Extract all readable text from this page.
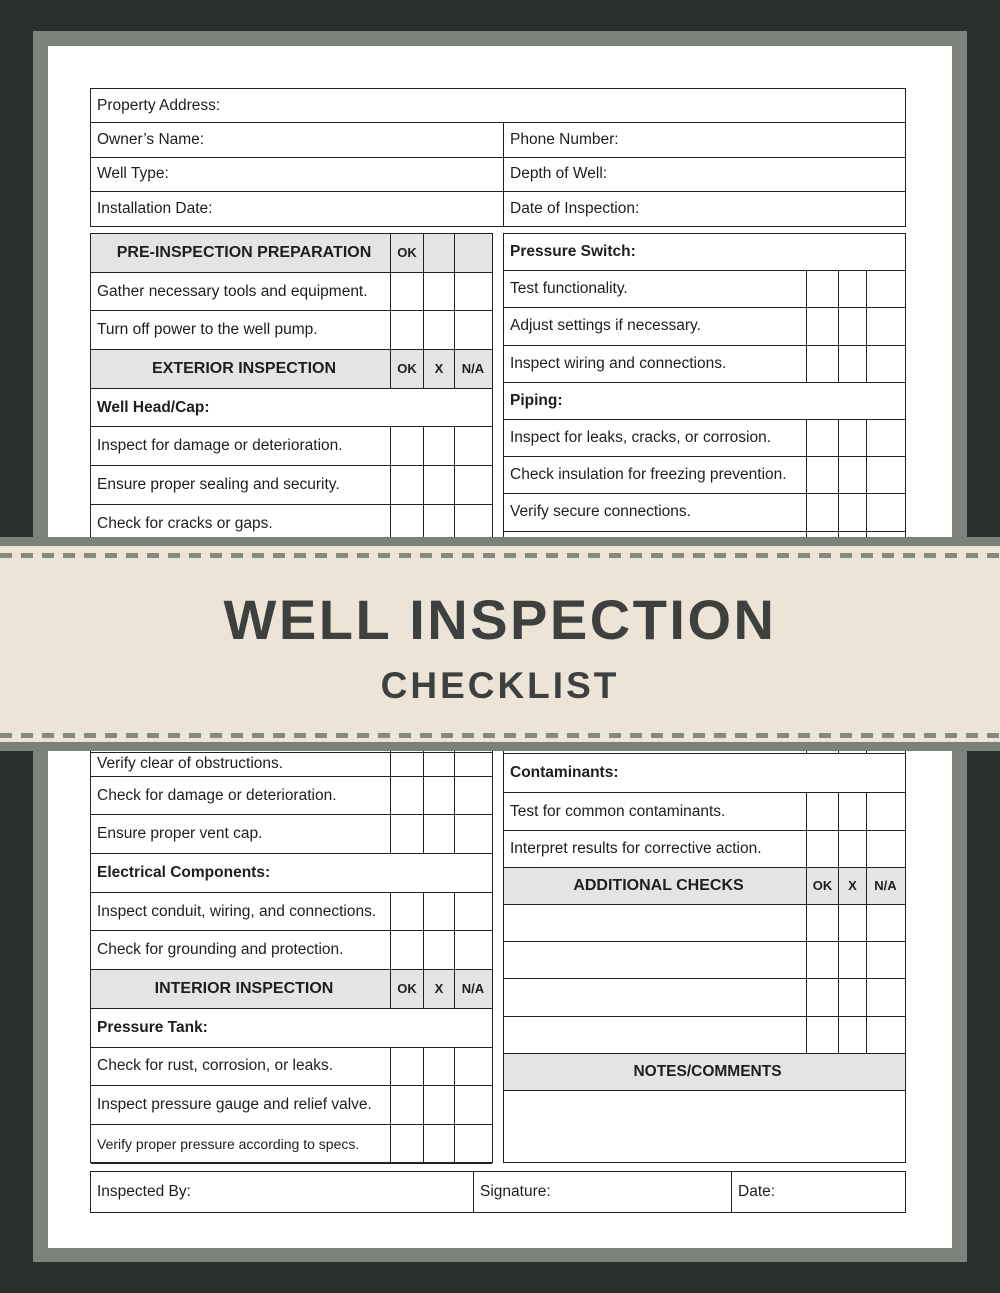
Property Address:
Owner’s Name:	Phone Number:
Well Type:	Depth of Well:
Installation Date:	Date of Inspection:
PRE-INSPECTION PREPARATION	OK
Gather necessary tools and equipment.
Turn off power to the well pump.
EXTERIOR INSPECTION	OK	X	N/A
Well Head/Cap:
Inspect for damage or deterioration.
Ensure proper sealing and security.
Check for cracks or gaps.
Verify clear of obstructions.
Check for damage or deterioration.
Ensure proper vent cap.
Electrical Components:
Inspect conduit, wiring, and connections.
Check for grounding and protection.
INTERIOR INSPECTION	OK	X	N/A
Pressure Tank:
Check for rust, corrosion, or leaks.
Inspect pressure gauge and relief valve.
Verify proper pressure according to specs.
Pressure Switch:
Test functionality.
Adjust settings if necessary.
Inspect wiring and connections.
Piping:
Inspect for leaks, cracks, or corrosion.
Check insulation for freezing prevention.
Verify secure connections.
Contaminants:
Test for common contaminants.
Interpret results for corrective action.
ADDITIONAL CHECKS	OK	X	N/A
NOTES/COMMENTS
Inspected By:	Signature:	Date:
WELL INSPECTION
CHECKLIST
